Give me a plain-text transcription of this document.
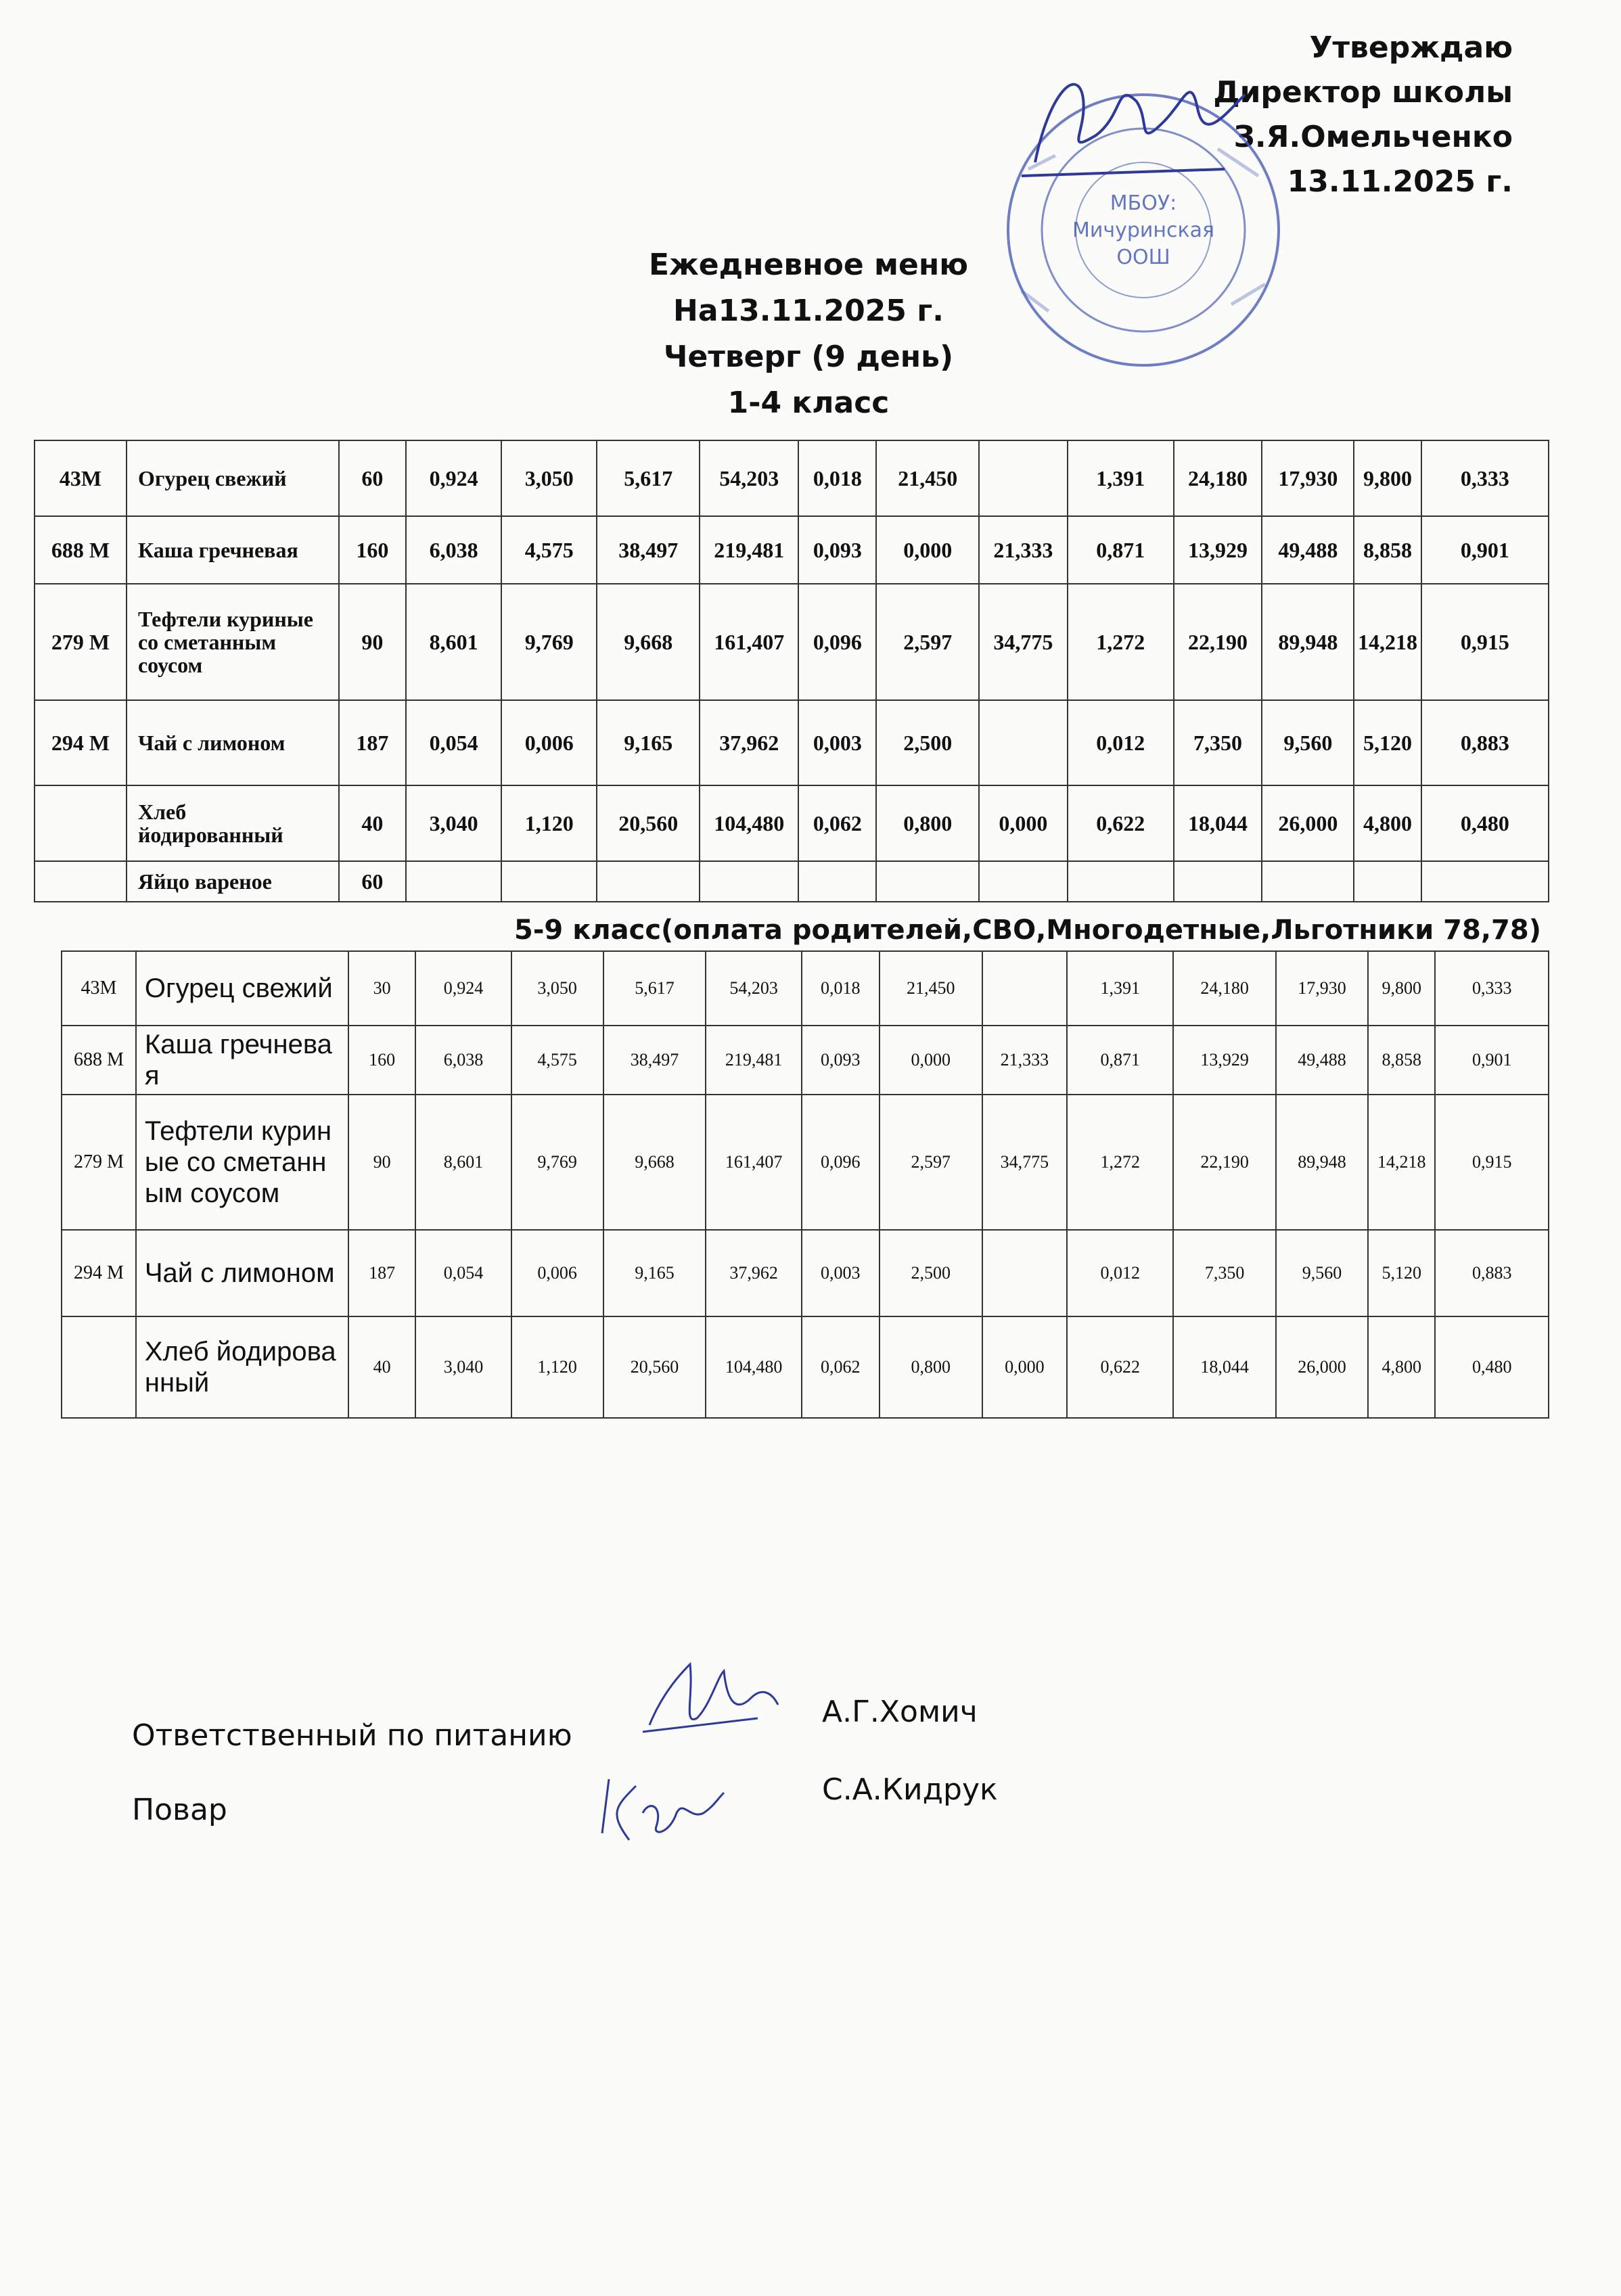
Утверждаю
Директор школы
З.Я.Омельченко
13.11.2025 г.
МБОУ:
Мичуринская
ООШ
Ежедневное меню
На13.11.2025 г.
Четверг (9 день)
1-4 класс
43М	Огурец свежий	60	0,924	3,050	5,617	54,203	0,018	21,450		1,391	24,180	17,930	9,800	0,333
688 М	Каша гречневая	160	6,038	4,575	38,497	219,481	0,093	0,000	21,333	0,871	13,929	49,488	8,858	0,901
279 М	Тефтели куриные со сметанным соусом	90	8,601	9,769	9,668	161,407	0,096	2,597	34,775	1,272	22,190	89,948	14,218	0,915
294 М	Чай с лимоном	187	0,054	0,006	9,165	37,962	0,003	2,500		0,012	7,350	9,560	5,120	0,883
	Хлеб йодированный	40	3,040	1,120	20,560	104,480	0,062	0,800	0,000	0,622	18,044	26,000	4,800	0,480
	Яйцо вареное	60												
5-9 класс(оплата родителей,СВО,Многодетные,Льготники 78,78)
43М	Огурец свежий	30	0,924	3,050	5,617	54,203	0,018	21,450		1,391	24,180	17,930	9,800	0,333
688 М	Каша гречневая	160	6,038	4,575	38,497	219,481	0,093	0,000	21,333	0,871	13,929	49,488	8,858	0,901
279 М	Тефтели куриные со сметанным соусом	90	8,601	9,769	9,668	161,407	0,096	2,597	34,775	1,272	22,190	89,948	14,218	0,915
294 М	Чай с лимоном	187	0,054	0,006	9,165	37,962	0,003	2,500		0,012	7,350	9,560	5,120	0,883
	Хлеб йодированный	40	3,040	1,120	20,560	104,480	0,062	0,800	0,000	0,622	18,044	26,000	4,800	0,480
Ответственный по питанию
А.Г.Хомич
Повар
С.А.Кидрук
